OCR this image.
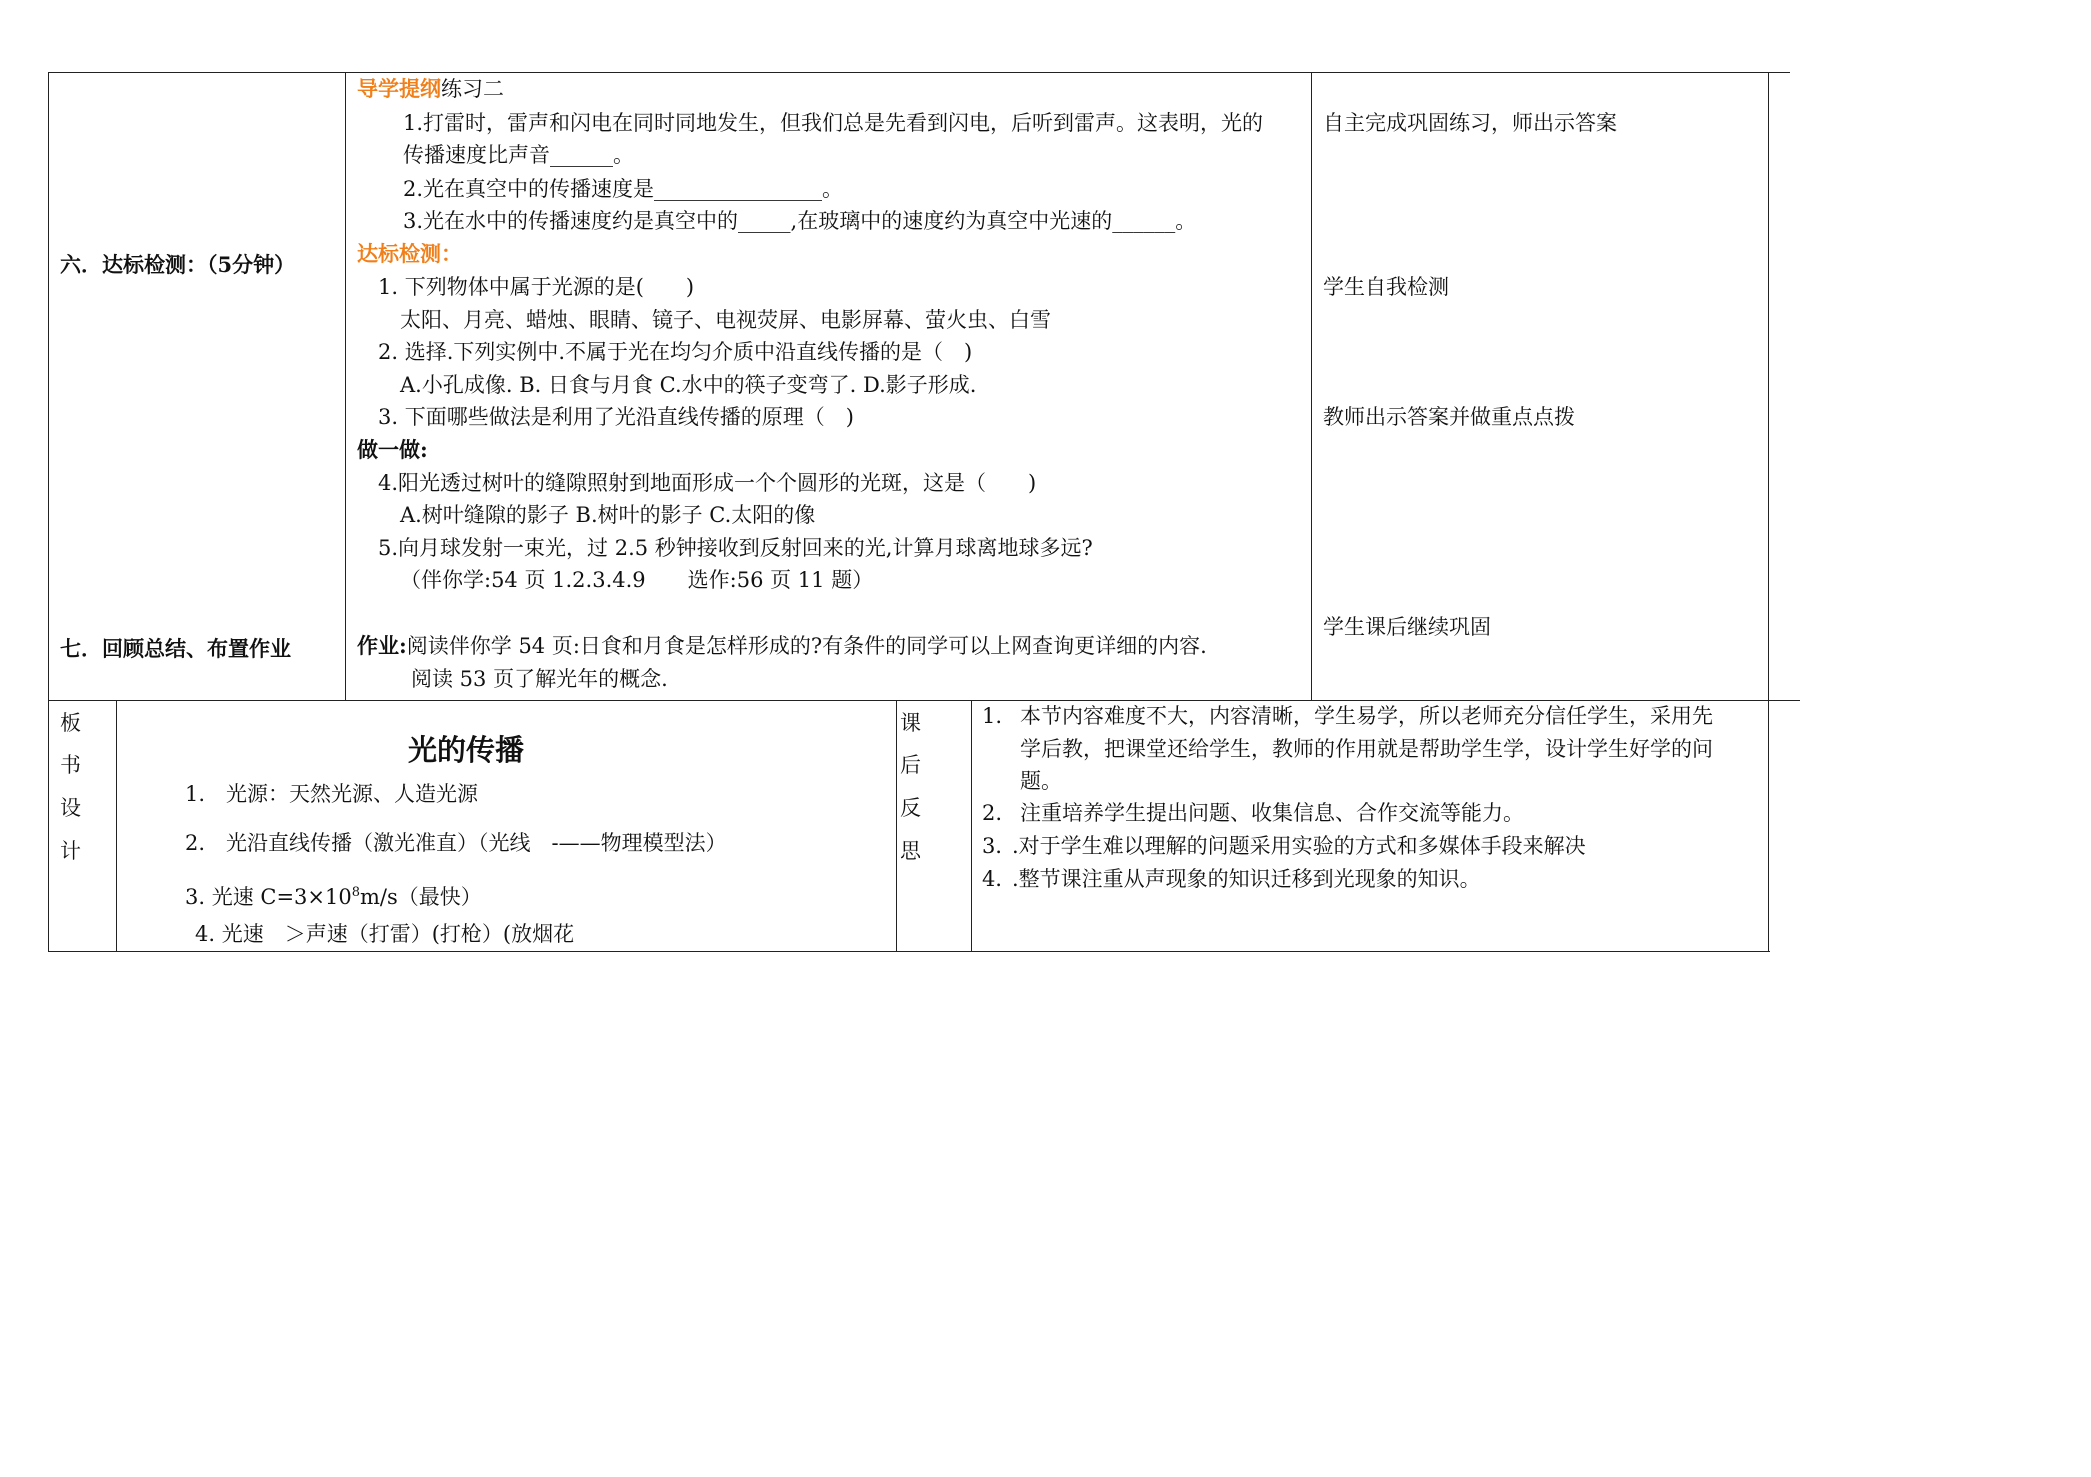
六．达标检测：（5分钟）
七．回顾总结、布置作业
导学提纲练习二
1.打雷时，雷声和闪电在同时同地发生，但我们总是先看到闪电，后听到雷声。这表明，光的
传播速度比声音______。
2.光在真空中的传播速度是________________。
3.光在水中的传播速度约是真空中的_____,在玻璃中的速度约为真空中光速的______。
达标检测：
1. 下列物体中属于光源的是(　　)
太阳、月亮、蜡烛、眼睛、镜子、电视荧屏、电影屏幕、萤火虫、白雪
2. 选择.下列实例中.不属于光在均匀介质中沿直线传播的是（　)
A.小孔成像. B. 日食与月食 C.水中的筷子变弯了. D.影子形成.
3. 下面哪些做法是利用了光沿直线传播的原理（　)
做一做:
4.阳光透过树叶的缝隙照射到地面形成一个个圆形的光斑，这是（　　)
A.树叶缝隙的影子 B.树叶的影子 C.太阳的像
5.向月球发射一束光，过 2.5 秒钟接收到反射回来的光,计算月球离地球多远?
（伴你学:54 页 1.2.3.4.9　　选作:56 页 11 题）
作业:阅读伴你学 54 页:日食和月食是怎样形成的?有条件的同学可以上网查询更详细的内容.
阅读 53 页了解光年的概念.
自主完成巩固练习，师出示答案
学生自我检测
教师出示答案并做重点点拨
学生课后继续巩固
板
书
设
计
光的传播
1.　光源：天然光源、人造光源
2.　光沿直线传播（激光准直）（光线　-——物理模型法）
3. 光速 $C=3\times 10^8m/s$（最快）
4. 光速　＞声速（打雷）(打枪）(放烟花
课
后
反
思
1. 本节内容难度不大，内容清晰，学生易学，所以老师充分信任学生，采用先
学后教，把课堂还给学生，教师的作用就是帮助学生学，设计学生好学的问
题。
2. 注重培养学生提出问题、收集信息、合作交流等能力。
3．
.对于学生难以理解的问题采用实验的方式和多媒体手段来解决
4．
.整节课注重从声现象的知识迁移到光现象的知识。
